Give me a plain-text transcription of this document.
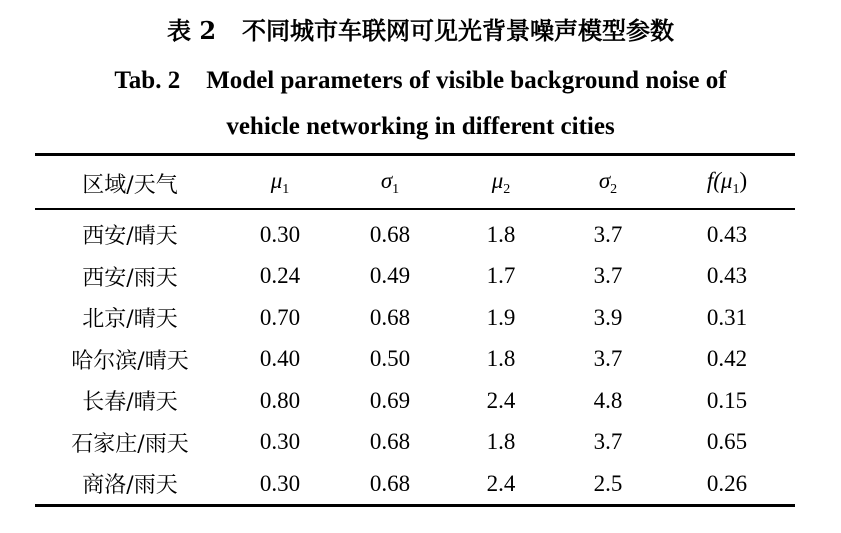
表 2 不同城市车联网可见光背景噪声模型参数
Tab. 2 Model parameters of visible background noise of
vehicle networking in different cities
区域/天气	$\mu_1$	$\sigma_1$	$\mu_2$	$\sigma_2$	$f(\mu_1)$
西安/晴天	0.30	0.68	1.8	3.7	0.43
西安/雨天	0.24	0.49	1.7	3.7	0.43
北京/晴天	0.70	0.68	1.9	3.9	0.31
哈尔滨/晴天	0.40	0.50	1.8	3.7	0.42
长春/晴天	0.80	0.69	2.4	4.8	0.15
石家庄/雨天	0.30	0.68	1.8	3.7	0.65
商洛/雨天	0.30	0.68	2.4	2.5	0.26
